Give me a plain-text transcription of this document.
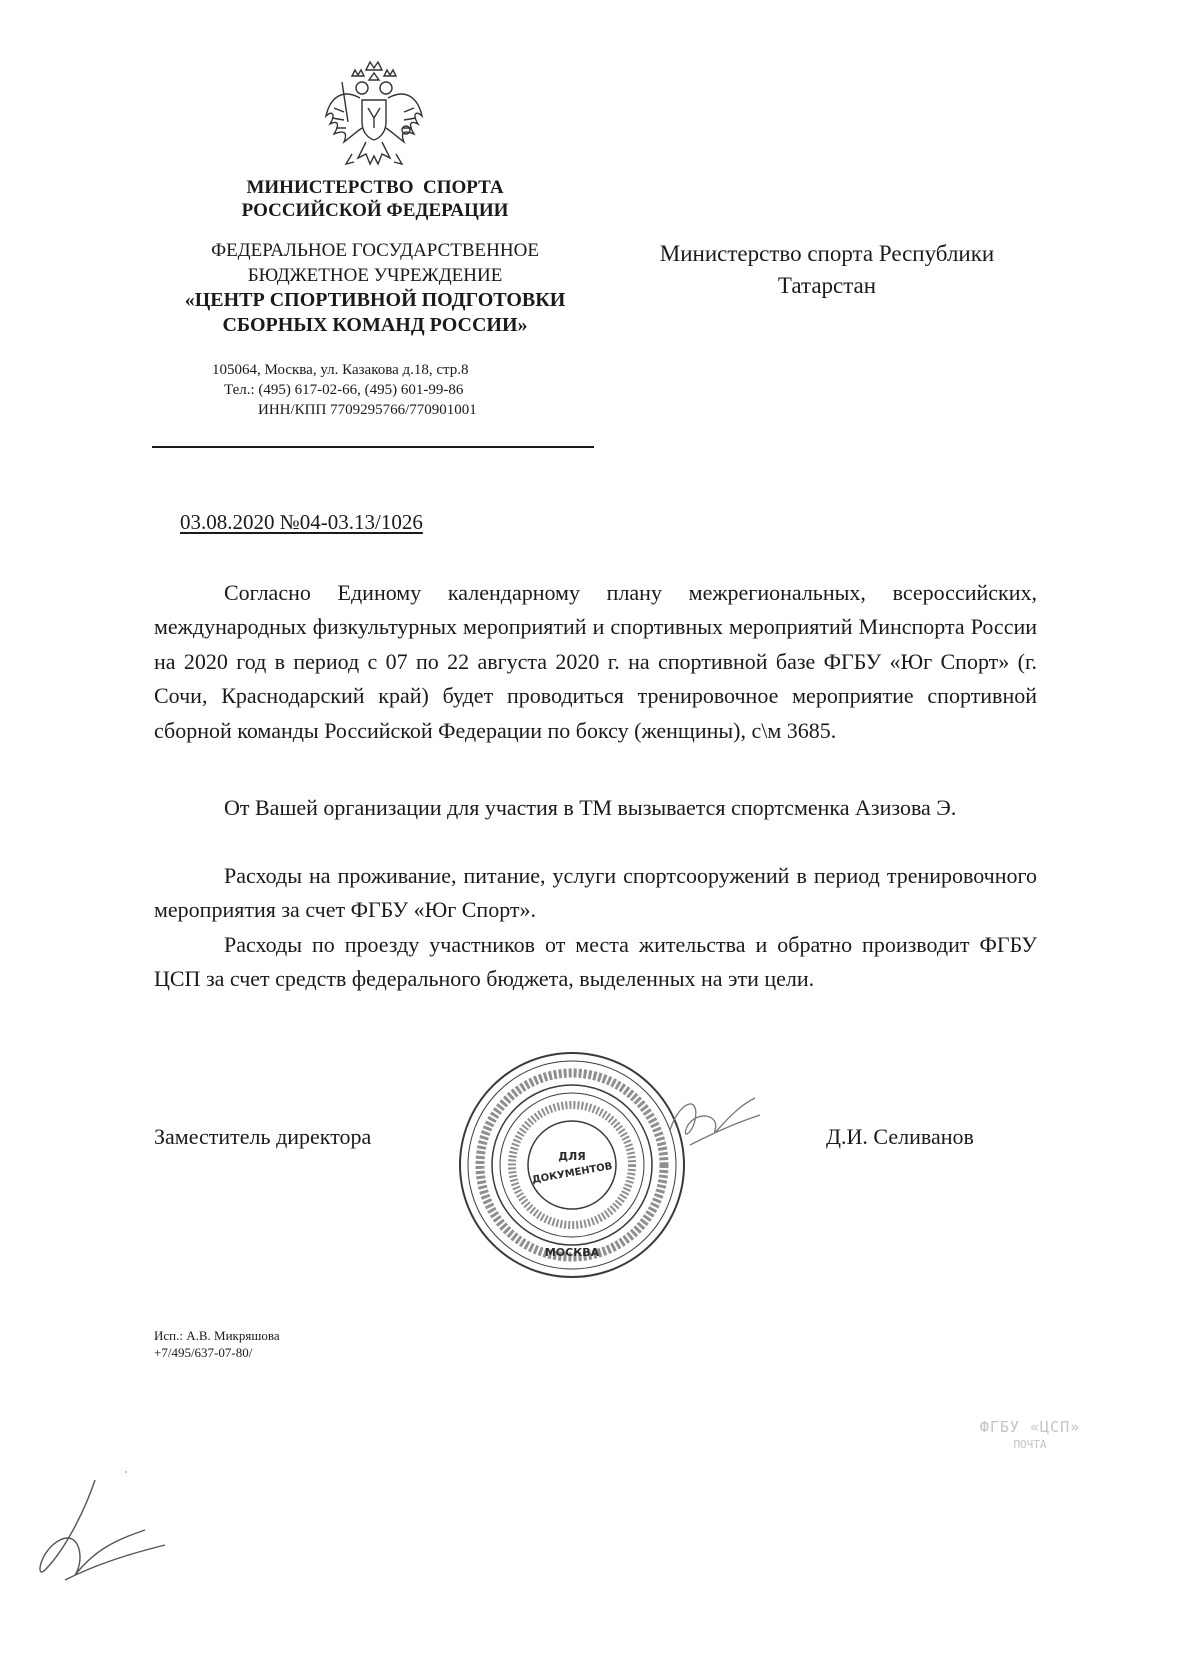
МИНИСТЕРСТВО  СПОРТА
РОССИЙСКОЙ ФЕДЕРАЦИИ
ФЕДЕРАЛЬНОЕ ГОСУДАРСТВЕННОЕ
БЮДЖЕТНОЕ УЧРЕЖДЕНИЕ
«ЦЕНТР СПОРТИВНОЙ ПОДГОТОВКИ
СБОРНЫХ КОМАНД РОССИИ»
105064, Москва, ул. Казакова д.18, стр.8
Тел.: (495) 617-02-66, (495) 601-99-86
ИНН/КПП 7709295766/770901001
Министерство спорта Республики
Татарстан
03.08.2020 №04-03.13/1026

Согласно Единому календарному плану межрегиональных, всероссийских, международных физкультурных мероприятий и спортивных мероприятий Минспорта России на 2020 год в период с 07 по 22 августа 2020 г. на спортивной базе ФГБУ «Юг Спорт» (г. Сочи, Краснодарский край) будет проводиться тренировочное мероприятие спортивной сборной команды Российской Федерации по боксу (женщины), с\м 3685.

От Вашей организации для участия в ТМ вызывается спортсменка Азизова Э.

Расходы на проживание, питание, услуги спортсооружений в период тренировочного мероприятия за счет ФГБУ «Юг Спорт».

Расходы по проезду участников от места жительства и обратно производит ФГБУ ЦСП за счет средств федерального бюджета, выделенных на эти цели.

Заместитель директора	Д.И. Селиванов
ДЛЯ
ДОКУМЕНТОВ
МОСКВА
Исп.: А.В. Микряшова
+7/495/637-07-80/
ФГБУ «ЦСП»
ПОЧТА
